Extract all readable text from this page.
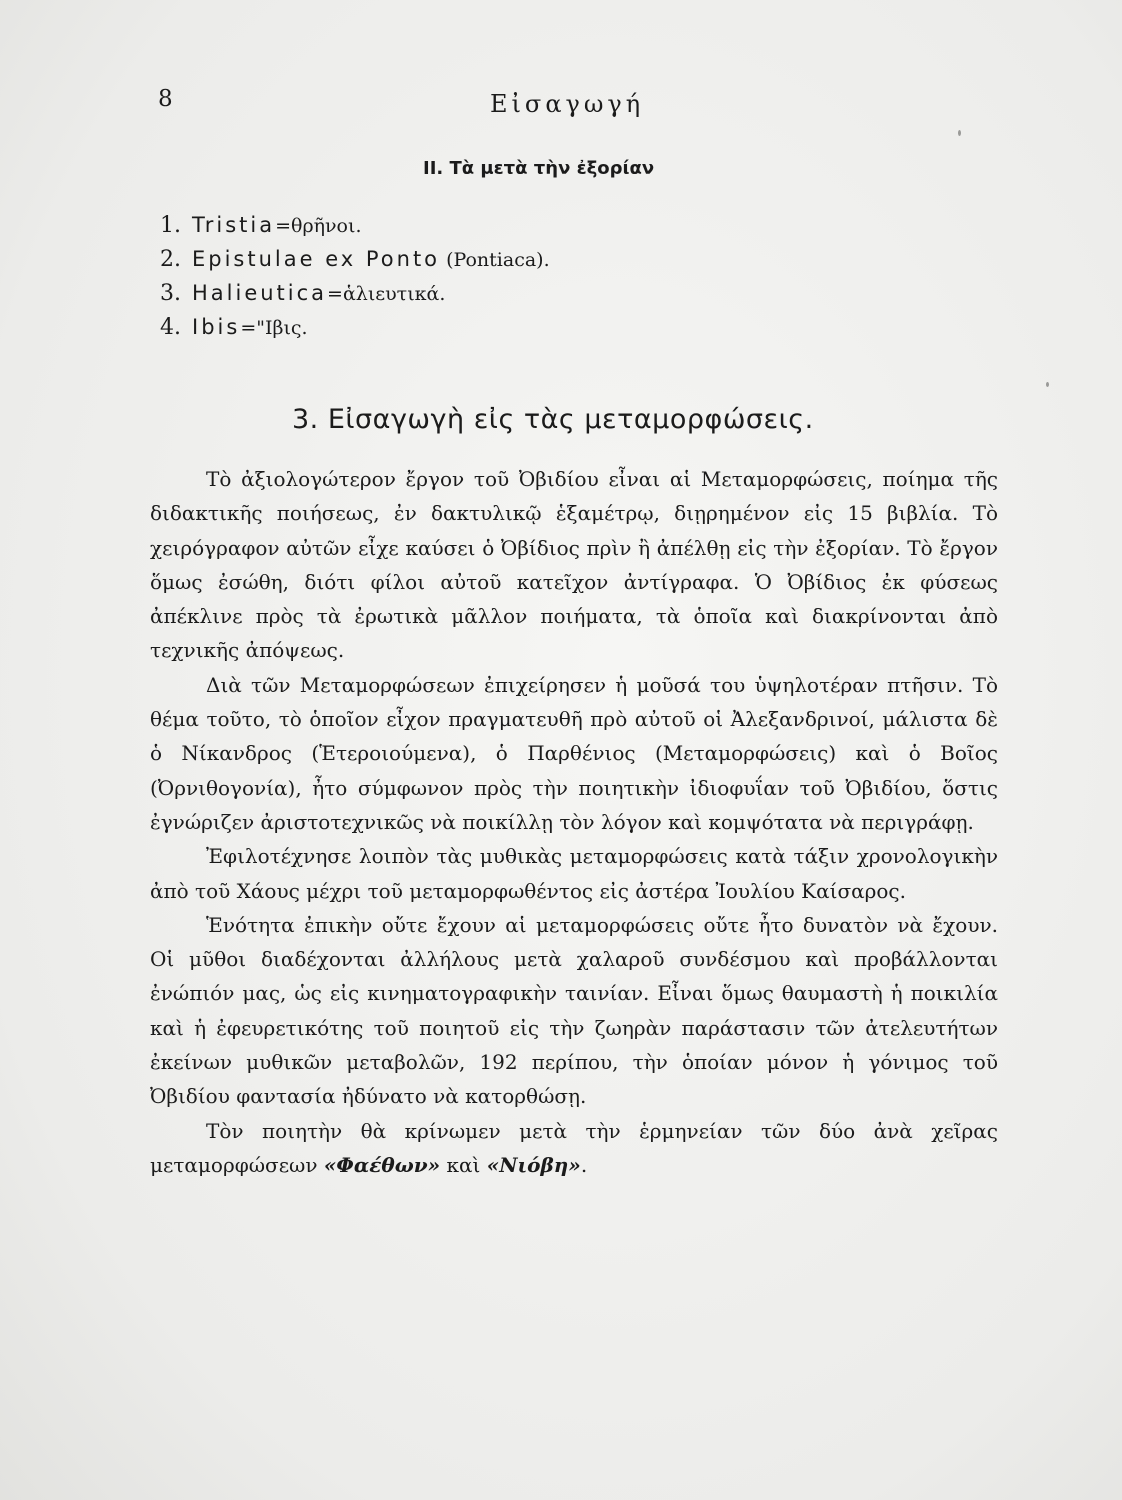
8	Εἰσαγωγή
II. Τὰ μετὰ τὴν ἐξορίαν
1. Tristia=θρῆνοι.
2. Epistulae ex Ponto (Pontiaca).
3. Halieutica=ἁλιευτικά.
4. Ibis="Ιβις.
3. Εἰσαγωγὴ εἰς τὰς μεταμορφώσεις.

Τὸ ἀξιολογώτερον ἔργον τοῦ Ὀβιδίου εἶναι αἱ Μεταμορφώσεις, ποίημα τῆς διδακτικῆς ποιήσεως, ἐν δακτυλικῷ ἑξαμέτρῳ, διῃρημένον εἰς 15 βιβλία. Τὸ χειρόγραφον αὐτῶν εἶχε καύσει ὁ Ὀβίδιος πρὶν ἢ ἀπέλθῃ εἰς τὴν ἐξορίαν. Τὸ ἔργον ὅμως ἐσώθη, διότι φίλοι αὐτοῦ κατεῖχον ἀντίγραφα. Ὁ Ὀβίδιος ἐκ φύσεως ἀπέκλινε πρὸς τὰ ἐρωτικὰ μᾶλλον ποιήματα, τὰ ὁποῖα καὶ διακρίνονται ἀπὸ τεχνικῆς ἀπόψεως.

Διὰ τῶν Μεταμορφώσεων ἐπιχείρησεν ἡ μοῦσά του ὑψηλοτέραν πτῆσιν. Τὸ θέμα τοῦτο, τὸ ὁποῖον εἶχον πραγματευθῆ πρὸ αὐτοῦ οἱ Ἀλεξανδρινοί, μάλιστα δὲ ὁ Νίκανδρος (Ἑτεροιούμενα), ὁ Παρθένιος (Μεταμορφώσεις) καὶ ὁ Βοῖος (Ὀρνιθογονία), ἦτο σύμφωνον πρὸς τὴν ποιητικὴν ἰδιοφυΐαν τοῦ Ὀβιδίου, ὅστις ἐγνώριζεν ἀριστοτεχνικῶς νὰ ποικίλλῃ τὸν λόγον καὶ κομψότατα νὰ περιγράφῃ.

Ἐφιλοτέχνησε λοιπὸν τὰς μυθικὰς μεταμορφώσεις κατὰ τάξιν χρονολογικὴν ἀπὸ τοῦ Χάους μέχρι τοῦ μεταμορφωθέντος εἰς ἀστέρα Ἰουλίου Καίσαρος.

Ἑνότητα ἐπικὴν οὔτε ἔχουν αἱ μεταμορφώσεις οὔτε ἦτο δυνατὸν νὰ ἔχουν. Οἱ μῦθοι διαδέχονται ἀλλήλους μετὰ χαλαροῦ συνδέσμου καὶ προβάλλονται ἐνώπιόν μας, ὡς εἰς κινηματογραφικὴν ταινίαν. Εἶναι ὅμως θαυμαστὴ ἡ ποικιλία καὶ ἡ ἐφευρετικότης τοῦ ποιητοῦ εἰς τὴν ζωηρὰν παράστασιν τῶν ἀτελευτήτων ἐκείνων μυθικῶν μεταβολῶν, 192 περίπου, τὴν ὁποίαν μόνον ἡ γόνιμος τοῦ Ὀβιδίου φαντασία ἠδύνατο νὰ κατορθώσῃ.

Τὸν ποιητὴν θὰ κρίνωμεν μετὰ τὴν ἑρμηνείαν τῶν δύο ἀνὰ χεῖρας μεταμορφώσεων «Φαέθων» καὶ «Νιόβη».
